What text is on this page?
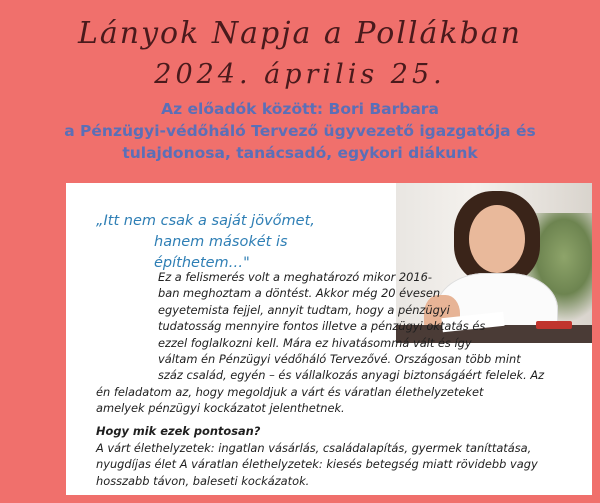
Lányok Napja a Pollákban
2024. április 25.
Az előadók között: Bori Barbara
a Pénzügyi-védőháló Tervező ügyvezető igazgatója és
tulajdonosa, tanácsadó, egykori diákunk
„Itt nem csak a saját jövőmet,
hanem másokét is építhetem…"
Ez a felismerés volt a meghatározó mikor 2016-
ban meghoztam a döntést. Akkor még 20 évesen
egyetemista fejjel, annyit tudtam, hogy a pénzügyi
tudatosság mennyire fontos illetve a pénzügyi oktatás és
ezzel foglalkozni kell. Mára ez hivatásommá vált és így
váltam én Pénzügyi védőháló Tervezővé. Országosan több mint
száz család, egyén – és vállalkozás anyagi biztonságáért felelek. Az
én feladatom az, hogy megoldjuk a várt és váratlan élethelyzeteket
amelyek pénzügyi kockázatot jelenthetnek.
Hogy mik ezek pontosan?
A várt élethelyzetek: ingatlan vásárlás, családalapítás, gyermek taníttatása,
nyugdíjas élet A váratlan élethelyzetek: kiesés betegség miatt rövidebb vagy
hosszabb távon, baleseti kockázatok.
